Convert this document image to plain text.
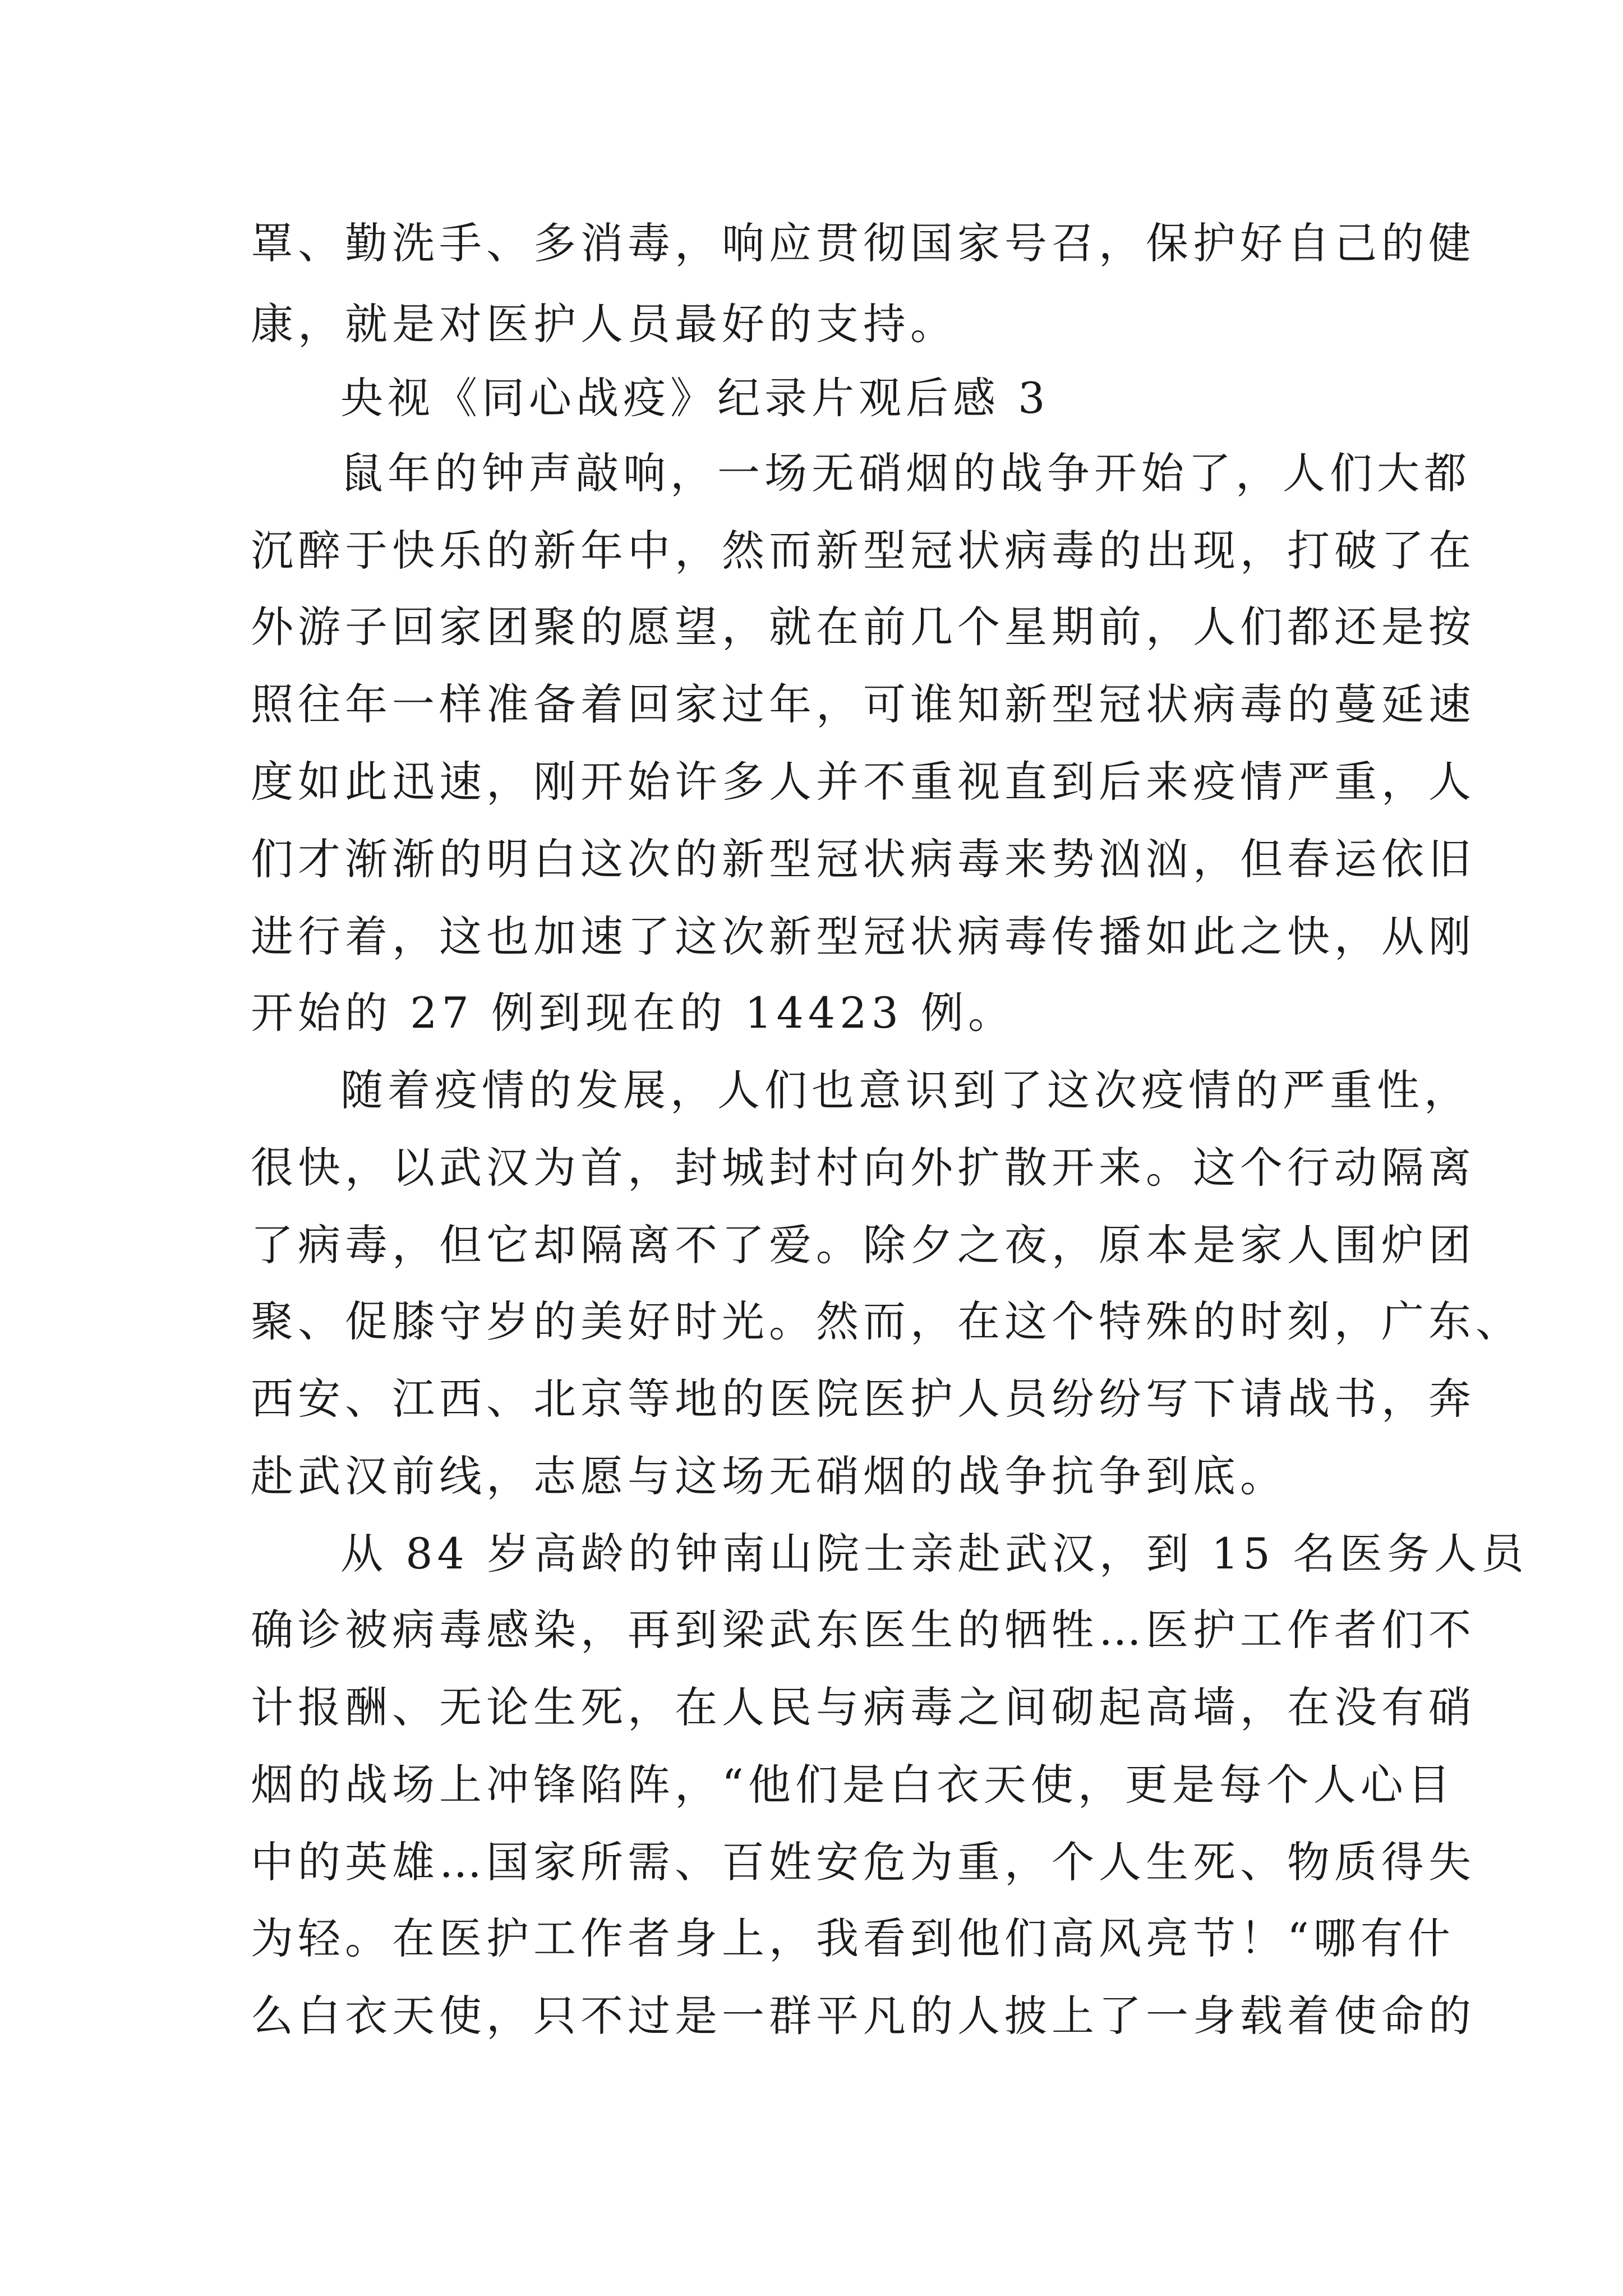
罩、勤洗手、多消毒，响应贯彻国家号召，保护好自己的健
康，就是对医护人员最好的支持。
央视《同心战疫》纪录片观后感 3
鼠年的钟声敲响，一场无硝烟的战争开始了，人们大都
沉醉于快乐的新年中，然而新型冠状病毒的出现，打破了在
外游子回家团聚的愿望，就在前几个星期前，人们都还是按
照往年一样准备着回家过年，可谁知新型冠状病毒的蔓延速
度如此迅速，刚开始许多人并不重视直到后来疫情严重，人
们才渐渐的明白这次的新型冠状病毒来势汹汹，但春运依旧
进行着，这也加速了这次新型冠状病毒传播如此之快，从刚
开始的 27 例到现在的 14423 例。
随着疫情的发展，人们也意识到了这次疫情的严重性，
很快，以武汉为首，封城封村向外扩散开来。这个行动隔离
了病毒，但它却隔离不了爱。除夕之夜，原本是家人围炉团
聚、促膝守岁的美好时光。然而，在这个特殊的时刻，广东、
西安、江西、北京等地的医院医护人员纷纷写下请战书，奔
赴武汉前线，志愿与这场无硝烟的战争抗争到底。
从 84 岁高龄的钟南山院士亲赴武汉，到 15 名医务人员
确诊被病毒感染，再到梁武东医生的牺牲…医护工作者们不
计报酬、无论生死，在人民与病毒之间砌起高墙，在没有硝
烟的战场上冲锋陷阵，“他们是白衣天使，更是每个人心目
中的英雄…国家所需、百姓安危为重，个人生死、物质得失
为轻。在医护工作者身上，我看到他们高风亮节！“哪有什
么白衣天使，只不过是一群平凡的人披上了一身载着使命的
